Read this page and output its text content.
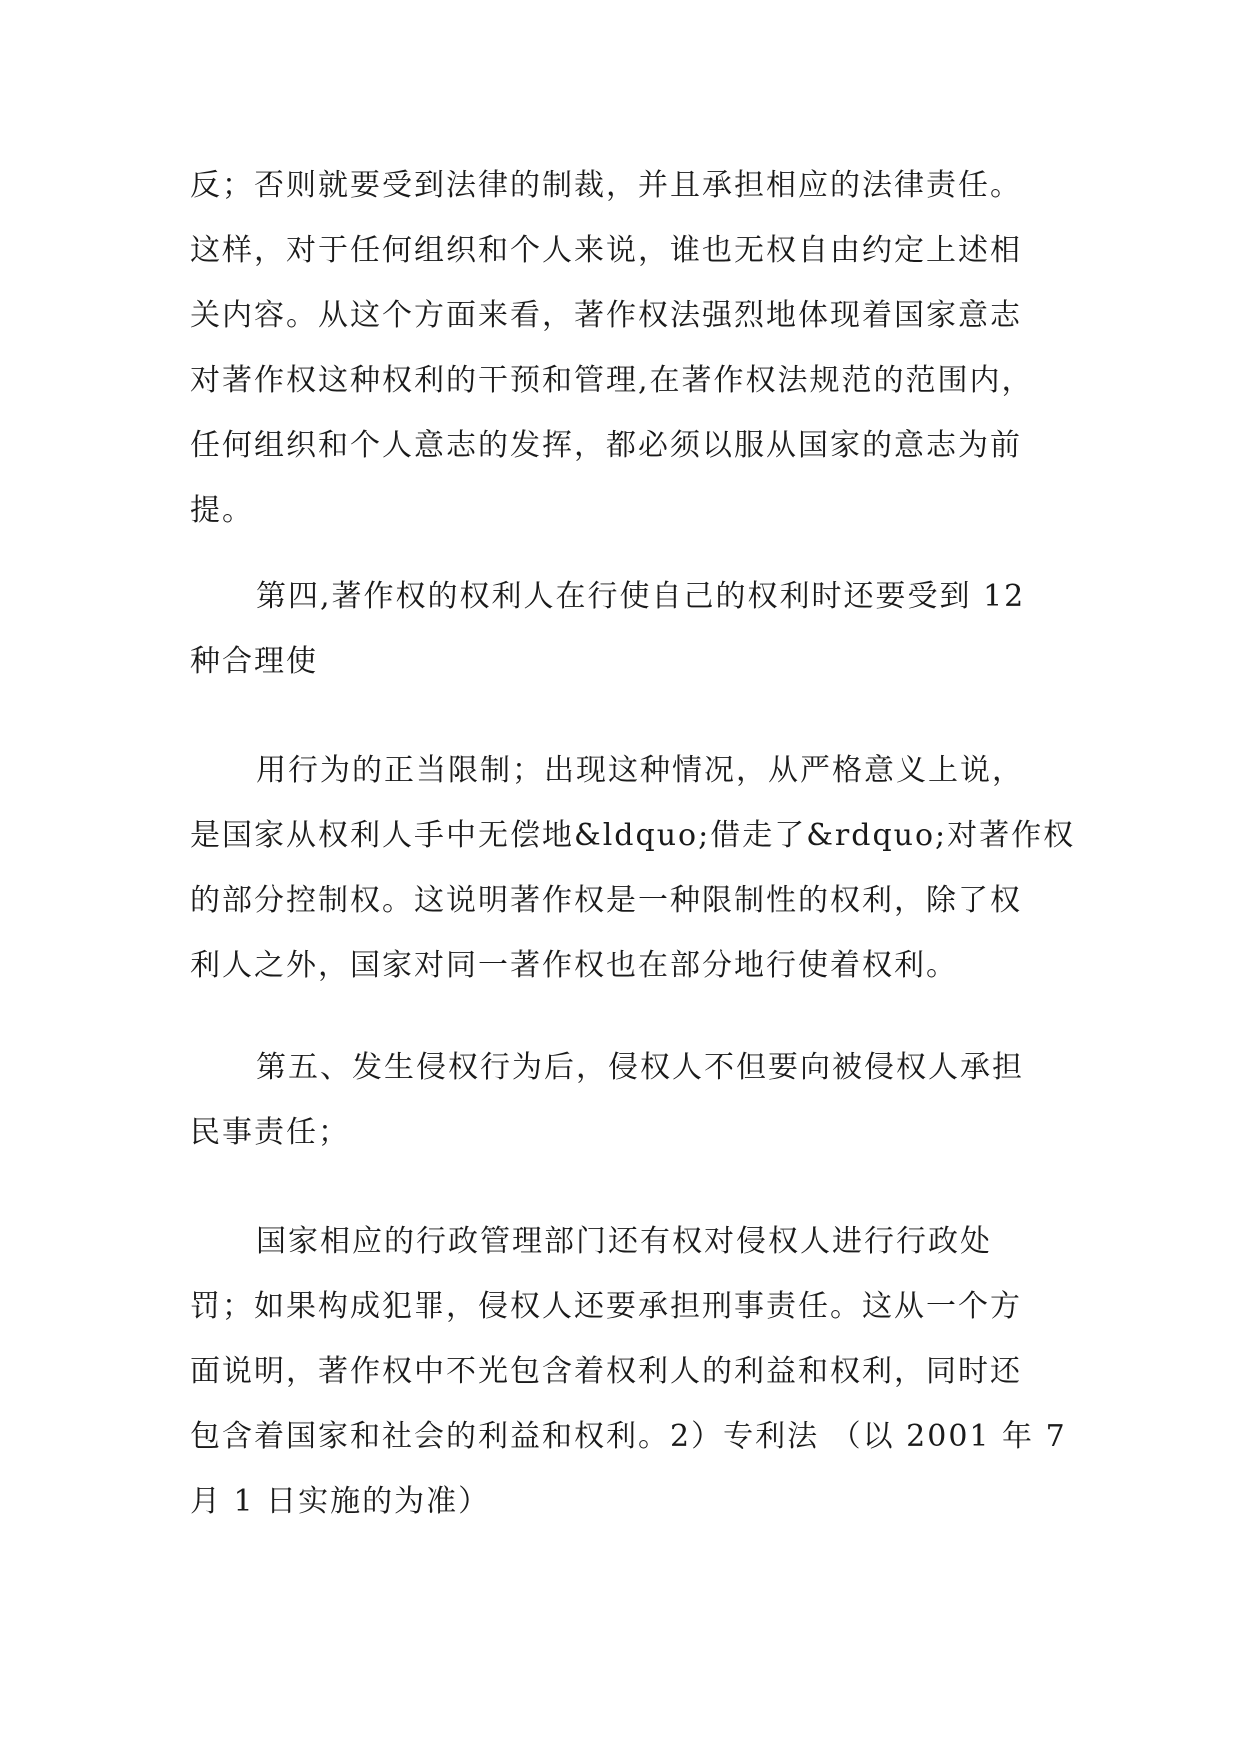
反；否则就要受到法律的制裁，并且承担相应的法律责任。
这样，对于任何组织和个人来说，谁也无权自由约定上述相
关内容。从这个方面来看，著作权法强烈地体现着国家意志
对著作权这种权利的干预和管理,在著作权法规范的范围内，
任何组织和个人意志的发挥，都必须以服从国家的意志为前
提。
第四,著作权的权利人在行使自己的权利时还要受到 12
种合理使
用行为的正当限制；出现这种情况，从严格意义上说，
是国家从权利人手中无偿地&ldquo;借走了&rdquo;对著作权
的部分控制权。这说明著作权是一种限制性的权利，除了权
利人之外，国家对同一著作权也在部分地行使着权利。
第五、发生侵权行为后，侵权人不但要向被侵权人承担
民事责任；
国家相应的行政管理部门还有权对侵权人进行行政处
罚；如果构成犯罪，侵权人还要承担刑事责任。这从一个方
面说明，著作权中不光包含着权利人的利益和权利，同时还
包含着国家和社会的利益和权利。2）专利法 （以 2001 年 7
月 1 日实施的为准）
